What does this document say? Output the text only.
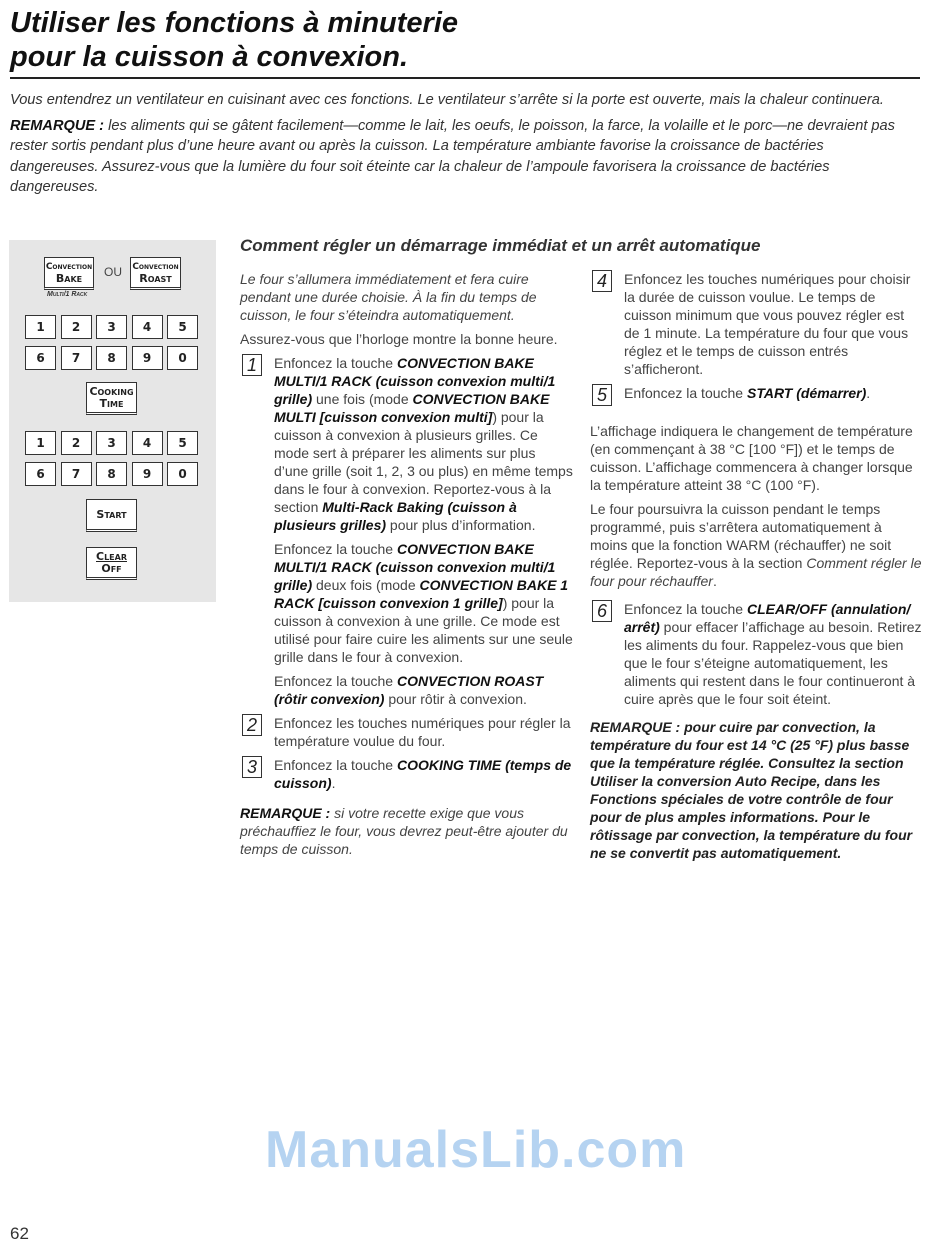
Utiliser les fonctions à minuterie
pour la cuisson à convexion.

Vous entendrez un ventilateur en cuisinant avec ces fonctions. Le ventilateur s’arrête si la porte est ouverte, mais la chaleur continuera.

REMARQUE : les aliments qui se gâtent facilement—comme le lait, les oeufs, le poisson, la farce, la volaille et le porc—ne devraient pas rester sortis pendant plus d’une heure avant ou après la cuisson. La température ambiante favorise la croissance de bactéries dangereuses. Assurez-vous que la lumière du four soit éteinte car la chaleur de l’ampoule favorisera la croissance de bactéries dangereuses.

Convection
Bake OU Convection
Roast
Multi/1 Rack
1	2	3	4	5
6	7	8	9	0
Cooking
Time
1	2	3	4	5
6	7	8	9	0
Start
Clear
Off
Comment régler un démarrage immédiat et un arrêt automatique

Le four s’allumera immédiatement et fera cuire pendant une durée choisie. À la fin du temps de cuisson, le four s’éteindra automatiquement.

Assurez-vous que l’horloge montre la bonne heure.

1	Enfoncez la touche CONVECTION BAKE MULTI/1 RACK (cuisson convexion multi/1 grille) une fois (mode CONVECTION BAKE MULTI [cuisson convexion multi]) pour la cuisson à convexion à plusieurs grilles. Ce mode sert à préparer les aliments sur plus d’une grille (soit 1, 2, 3 ou plus) en même temps dans le four à convexion. Reportez-vous à la section Multi-Rack Baking (cuisson à plusieurs grilles) pour plus d’information.

Enfoncez la touche CONVECTION BAKE MULTI/1 RACK (cuisson convexion multi/1 grille) deux fois (mode CONVECTION BAKE 1 RACK [cuisson convexion 1 grille]) pour la cuisson à convexion à une grille. Ce mode est utilisé pour faire cuire les aliments sur une seule grille dans le four à convexion.

Enfoncez la touche CONVECTION ROAST (rôtir convexion) pour rôtir à convexion.

2	Enfoncez les touches numériques pour régler la température voulue du four.
3	Enfoncez la touche COOKING TIME (temps de cuisson).

REMARQUE : si votre recette exige que vous préchauffiez le four, vous devrez peut-être ajouter du temps de cuisson.

4	Enfoncez les touches numériques pour choisir la durée de cuisson voulue. Le temps de cuisson minimum que vous pouvez régler est de 1 minute. La température du four que vous réglez et le temps de cuisson entrés s’afficheront.
5	Enfoncez la touche START (démarrer).

L’affichage indiquera le changement de température (en commençant à 38 °C [100 °F]) et le temps de cuisson. L’affichage commencera à changer lorsque la température atteint 38 °C (100 °F).

Le four poursuivra la cuisson pendant le temps programmé, puis s’arrêtera automatiquement à moins que la fonction WARM (réchauffer) ne soit réglée. Reportez-vous à la section Comment régler le four pour réchauffer.

6	Enfoncez la touche CLEAR/OFF (annulation/ arrêt) pour effacer l’affichage au besoin. Retirez les aliments du four. Rappelez-vous que bien que le four s’éteigne automatiquement, les aliments qui restent dans le four continueront à cuire après que le four soit éteint.

REMARQUE : pour cuire par convection, la température du four est 14 °C (25 °F) plus basse que la température réglée. Consultez la section Utiliser la conversion Auto Recipe, dans les Fonctions spéciales de votre contrôle de four pour de plus amples informations. Pour le rôtissage par convection, la température du four ne se convertit pas automatiquement.

ManualsLib.com
62
